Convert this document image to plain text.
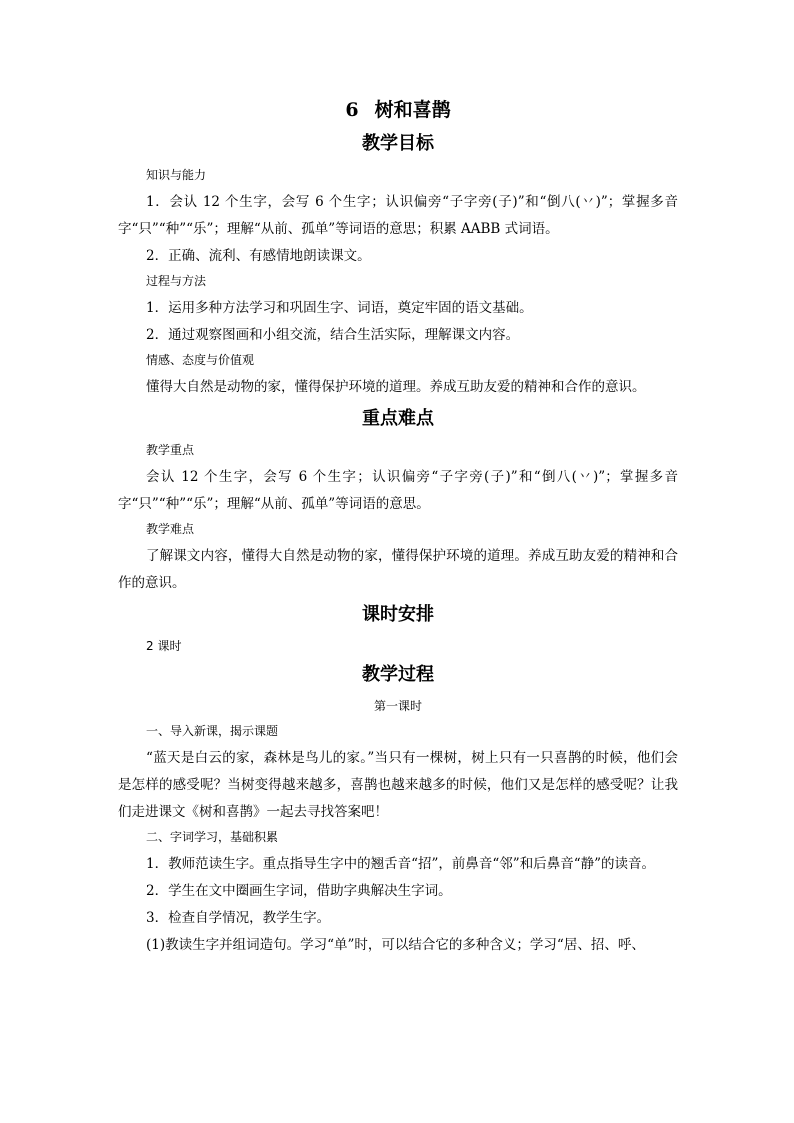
6 树和喜鹊
教学目标
知识与能力

1．会认 12 个生字，会写 6 个生字；认识偏旁“子字旁(子)”和“倒八(丷)”；掌握多音字“只”“种”“乐”；理解“从前、孤单”等词语的意思；积累 AABB 式词语。

2．正确、流利、有感情地朗读课文。

过程与方法

1．运用多种方法学习和巩固生字、词语，奠定牢固的语文基础。

2．通过观察图画和小组交流，结合生活实际，理解课文内容。

情感、态度与价值观

懂得大自然是动物的家，懂得保护环境的道理。养成互助友爱的精神和合作的意识。

重点难点
教学重点

会认 12 个生字，会写 6 个生字；认识偏旁“子字旁(子)”和“倒八(丷)”；掌握多音字“只”“种”“乐”；理解“从前、孤单”等词语的意思。

教学难点

了解课文内容，懂得大自然是动物的家，懂得保护环境的道理。养成互助友爱的精神和合作的意识。

课时安排
2 课时
教学过程
第一课时
一、导入新课，揭示课题

“蓝天是白云的家，森林是鸟儿的家。”当只有一棵树，树上只有一只喜鹊的时候，他们会是怎样的感受呢？当树变得越来越多，喜鹊也越来越多的时候，他们又是怎样的感受呢？让我们走进课文《树和喜鹊》一起去寻找答案吧！

二、字词学习，基础积累

1．教师范读生字。重点指导生字中的翘舌音“招”，前鼻音“邻”和后鼻音“静”的读音。

2．学生在文中圈画生字词，借助字典解决生字词。

3．检查自学情况，教学生字。

(1)教读生字并组词造句。学习“单”时，可以结合它的多种含义；学习“居、招、呼、
